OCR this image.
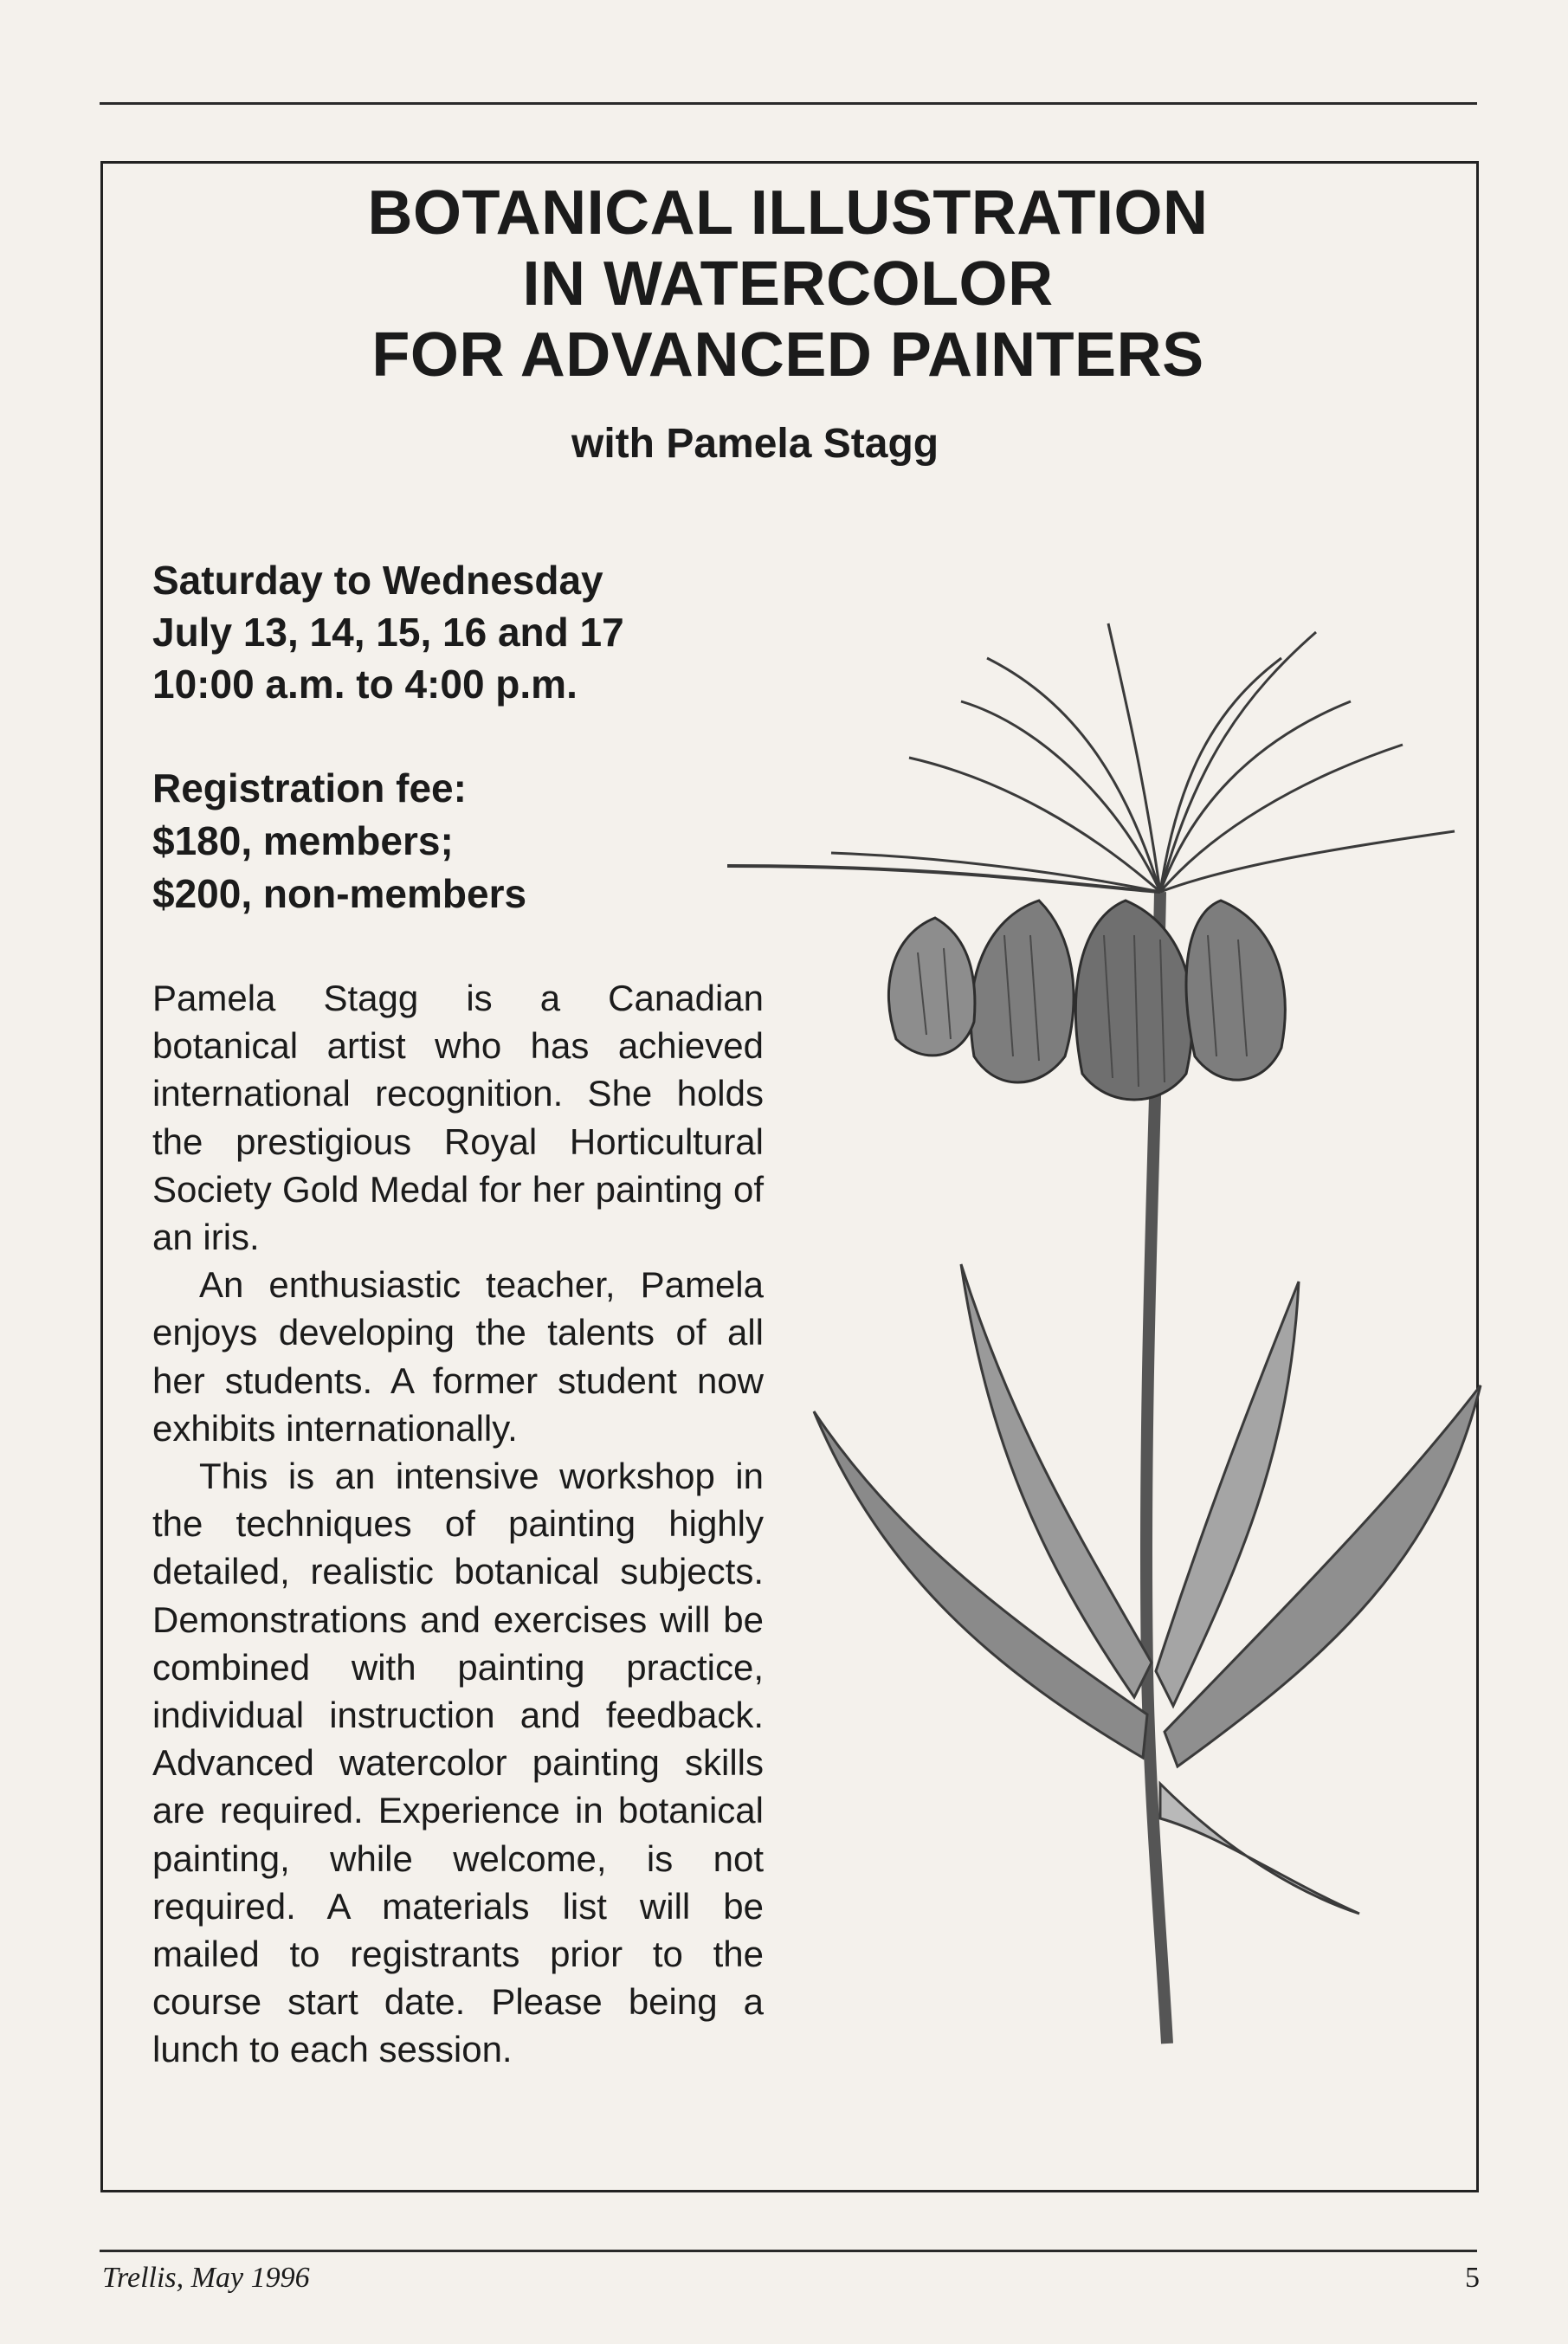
BOTANICAL ILLUSTRATION
IN WATERCOLOR
FOR ADVANCED PAINTERS
with Pamela Stagg
Saturday to Wednesday
July 13, 14, 15, 16 and 17
10:00 a.m. to 4:00 p.m.
Registration fee:
$180, members;
$200, non-members

Pamela Stagg is a Canadian botanical artist who has achieved international recognition. She holds the prestigious Royal Horticultural Society Gold Medal for her painting of an iris.

An enthusiastic teacher, Pamela enjoys developing the talents of all her students. A former student now exhibits internationally.

This is an intensive workshop in the techniques of painting highly detailed, realistic botanical subjects. Demonstrations and exercises will be combined with painting practice, individual instruction and feedback. Advanced watercolor painting skills are required. Experience in botanical painting, while welcome, is not required. A materials list will be mailed to registrants prior to the course start date. Please being a lunch to each session.

Trellis, May 1996	5
